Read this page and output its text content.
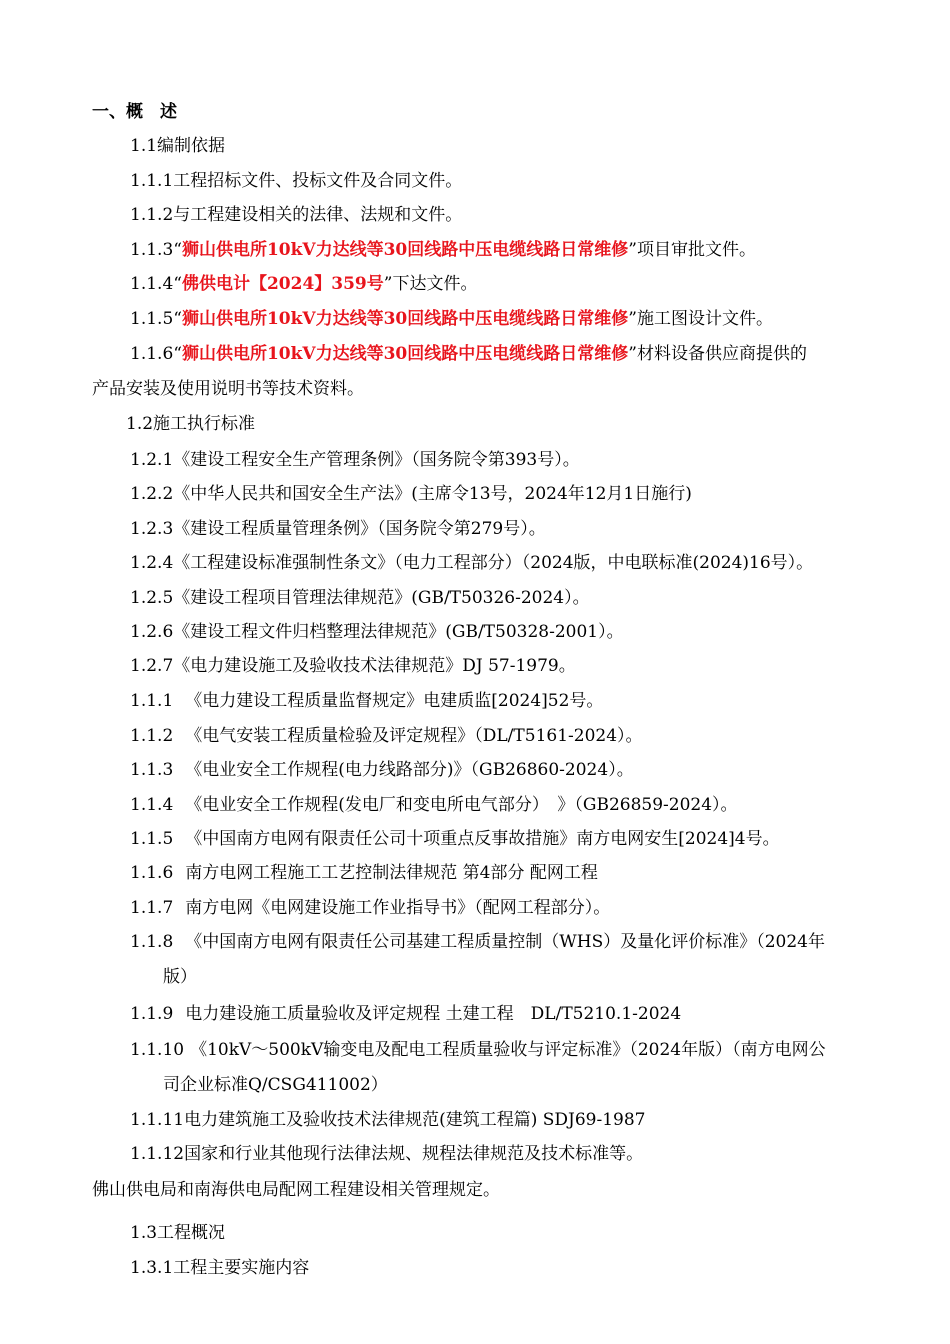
一、概　述
1.1编制依据
1.1.1工程招标文件、投标文件及合同文件。
1.1.2与工程建设相关的法律、法规和文件。
1.1.3“狮山供电所10kV力达线等30回线路中压电缆线路日常维修”项目审批文件。
1.1.4“佛供电计【2024】359号”下达文件。
1.1.5“狮山供电所10kV力达线等30回线路中压电缆线路日常维修”施工图设计文件。
1.1.6“狮山供电所10kV力达线等30回线路中压电缆线路日常维修”材料设备供应商提供的
产品安装及使用说明书等技术资料。
1.2施工执行标准
1.2.1《建设工程安全生产管理条例》（国务院令第393号）。
1.2.2《中华人民共和国安全生产法》(主席令13号，2024年12月1日施行)
1.2.3《建设工程质量管理条例》（国务院令第279号）。
1.2.4《工程建设标准强制性条文》（电力工程部分）（2024版，中电联标准(2024)16号）。
1.2.5《建设工程项目管理法律规范》(GB/T50326-2024）。
1.2.6《建设工程文件归档整理法律规范》(GB/T50328-2001）。
1.2.7《电力建设施工及验收技术法律规范》DJ 57-1979。
1.1.1 《电力建设工程质量监督规定》电建质监[2024]52号。
1.1.2 《电气安装工程质量检验及评定规程》（DL/T5161-2024）。
1.1.3 《电业安全工作规程(电力线路部分)》（GB26860-2024）。
1.1.4 《电业安全工作规程(发电厂和变电所电气部分）　》（GB26859-2024）。
1.1.5 《中国南方电网有限责任公司十项重点反事故措施》南方电网安生[2024]4号。
1.1.6 南方电网工程施工工艺控制法律规范 第4部分 配网工程
1.1.7 南方电网《电网建设施工作业指导书》（配网工程部分）。
1.1.8 《中国南方电网有限责任公司基建工程质量控制（WHS）及量化评价标准》（2024年
版）
1.1.9 电力建设施工质量验收及评定规程 土建工程　DL/T5210.1-2024
1.1.10 《10kV～500kV输变电及配电工程质量验收与评定标准》（2024年版）（南方电网公
司企业标准Q/CSG411002）
1.1.11电力建筑施工及验收技术法律规范(建筑工程篇) SDJ69-1987
1.1.12国家和行业其他现行法律法规、规程法律规范及技术标准等。
佛山供电局和南海供电局配网工程建设相关管理规定。
1.3工程概况
1.3.1工程主要实施内容
